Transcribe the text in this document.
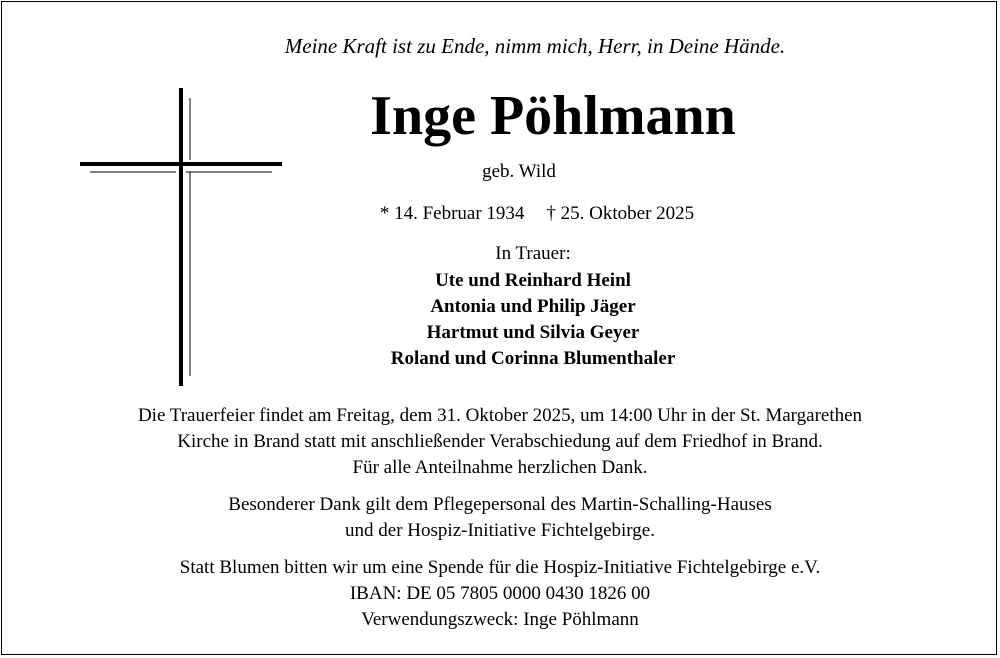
Meine Kraft ist zu Ende, nimm mich, Herr, in Deine Hände.
Inge Pöhlmann
geb. Wild
* 14. Februar 1934 † 25. Oktober 2025
In Trauer:
Ute und Reinhard Heinl
Antonia und Philip Jäger
Hartmut und Silvia Geyer
Roland und Corinna Blumenthaler
Die Trauerfeier findet am Freitag, dem 31. Oktober 2025, um 14:00 Uhr in der St. Margarethen
Kirche in Brand statt mit anschließender Verabschiedung auf dem Friedhof in Brand.
Für alle Anteilnahme herzlichen Dank.
Besonderer Dank gilt dem Pflegepersonal des Martin-Schalling-Hauses
und der Hospiz-Initiative Fichtelgebirge.
Statt Blumen bitten wir um eine Spende für die Hospiz-Initiative Fichtelgebirge e.V.
IBAN: DE 05 7805 0000 0430 1826 00
Verwendungszweck: Inge Pöhlmann
